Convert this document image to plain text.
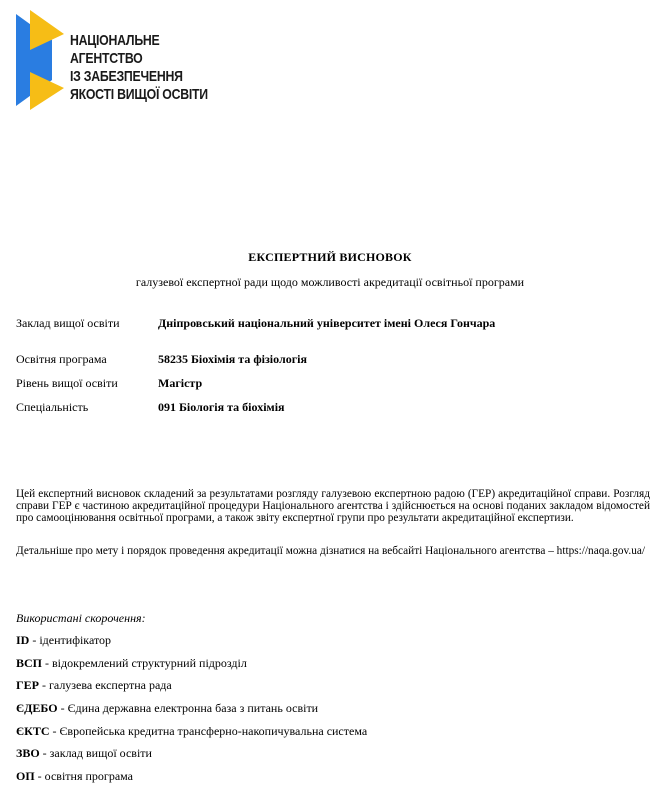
НАЦІОНАЛЬНЕ
АГЕНТСТВО
ІЗ ЗАБЕЗПЕЧЕННЯ
ЯКОСТІ ВИЩОЇ ОСВІТИ
ЕКСПЕРТНИЙ ВИСНОВОК
галузевої експертної ради щодо можливості акредитації освітньої програми
Заклад вищої освіти	Дніпровський національний університет імені Олеся Гончара
Освітня програма	58235 Біохімія та фізіологія
Рівень вищої освіти	Магістр
Спеціальність	091 Біологія та біохімія
Цей експертний висновок складений за результатами розгляду галузевою експертною радою (ГЕР) акредитаційної справи. Розгляд справи ГЕР є частиною акредитаційної процедури Національного агентства і здійснюється на основі поданих закладом відомостей про самооцінювання освітньої програми, а також звіту експертної групи про результати акредитаційної експертизи.
Детальніше про мету і порядок проведення акредитації можна дізнатися на вебсайті Національного агентства – https://naqa.gov.ua/
Використані скорочення:
ID - ідентифікатор
ВСП - відокремлений структурний підрозділ
ГЕР - галузева експертна рада
ЄДЕБО - Єдина державна електронна база з питань освіти
ЄКТС - Європейська кредитна трансферно-накопичувальна система
ЗВО - заклад вищої освіти
ОП - освітня програма
